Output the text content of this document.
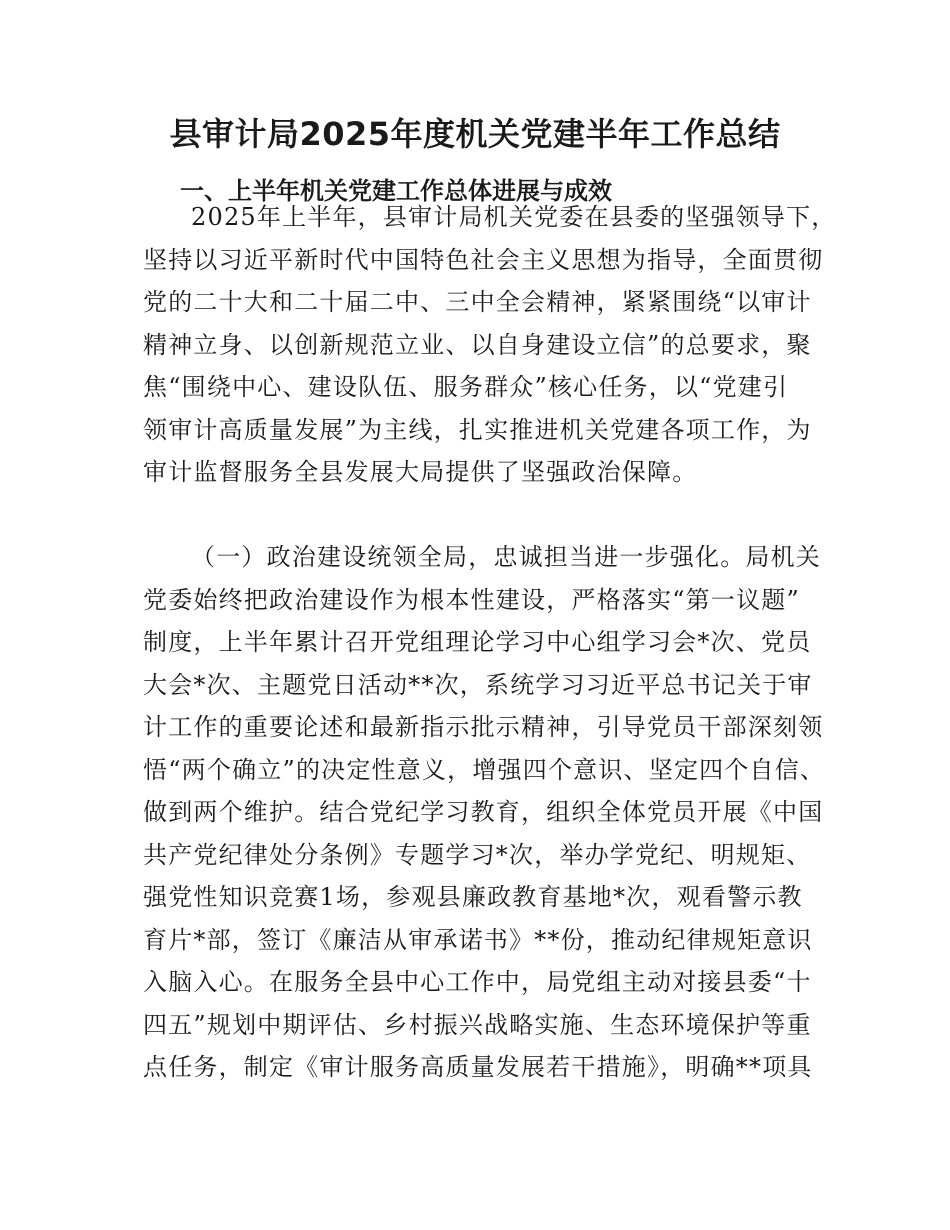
县审计局2025年度机关党建半年工作总结
一、上半年机关党建工作总体进展与成效

2025年上半年，县审计局机关党委在县委的坚强领导下，
坚持以习近平新时代中国特色社会主义思想为指导，全面贯彻
党的二十大和二十届二中、三中全会精神，紧紧围绕“以审计
精神立身、以创新规范立业、以自身建设立信”的总要求，聚
焦“围绕中心、建设队伍、服务群众”核心任务，以“党建引
领审计高质量发展”为主线，扎实推进机关党建各项工作，为
审计监督服务全县发展大局提供了坚强政治保障。

（一）政治建设统领全局，忠诚担当进一步强化。局机关
党委始终把政治建设作为根本性建设，严格落实“第一议题”
制度，上半年累计召开党组理论学习中心组学习会*次、党员
大会*次、主题党日活动**次，系统学习习近平总书记关于审
计工作的重要论述和最新指示批示精神，引导党员干部深刻领
悟“两个确立”的决定性意义，增强四个意识、坚定四个自信、
做到两个维护。结合党纪学习教育，组织全体党员开展《中国
共产党纪律处分条例》专题学习*次，举办学党纪、明规矩、
强党性知识竞赛1场，参观县廉政教育基地*次，观看警示教
育片*部，签订《廉洁从审承诺书》**份，推动纪律规矩意识
入脑入心。在服务全县中心工作中，局党组主动对接县委“十
四五”规划中期评估、乡村振兴战略实施、生态环境保护等重
点任务，制定《审计服务高质量发展若干措施》，明确**项具
